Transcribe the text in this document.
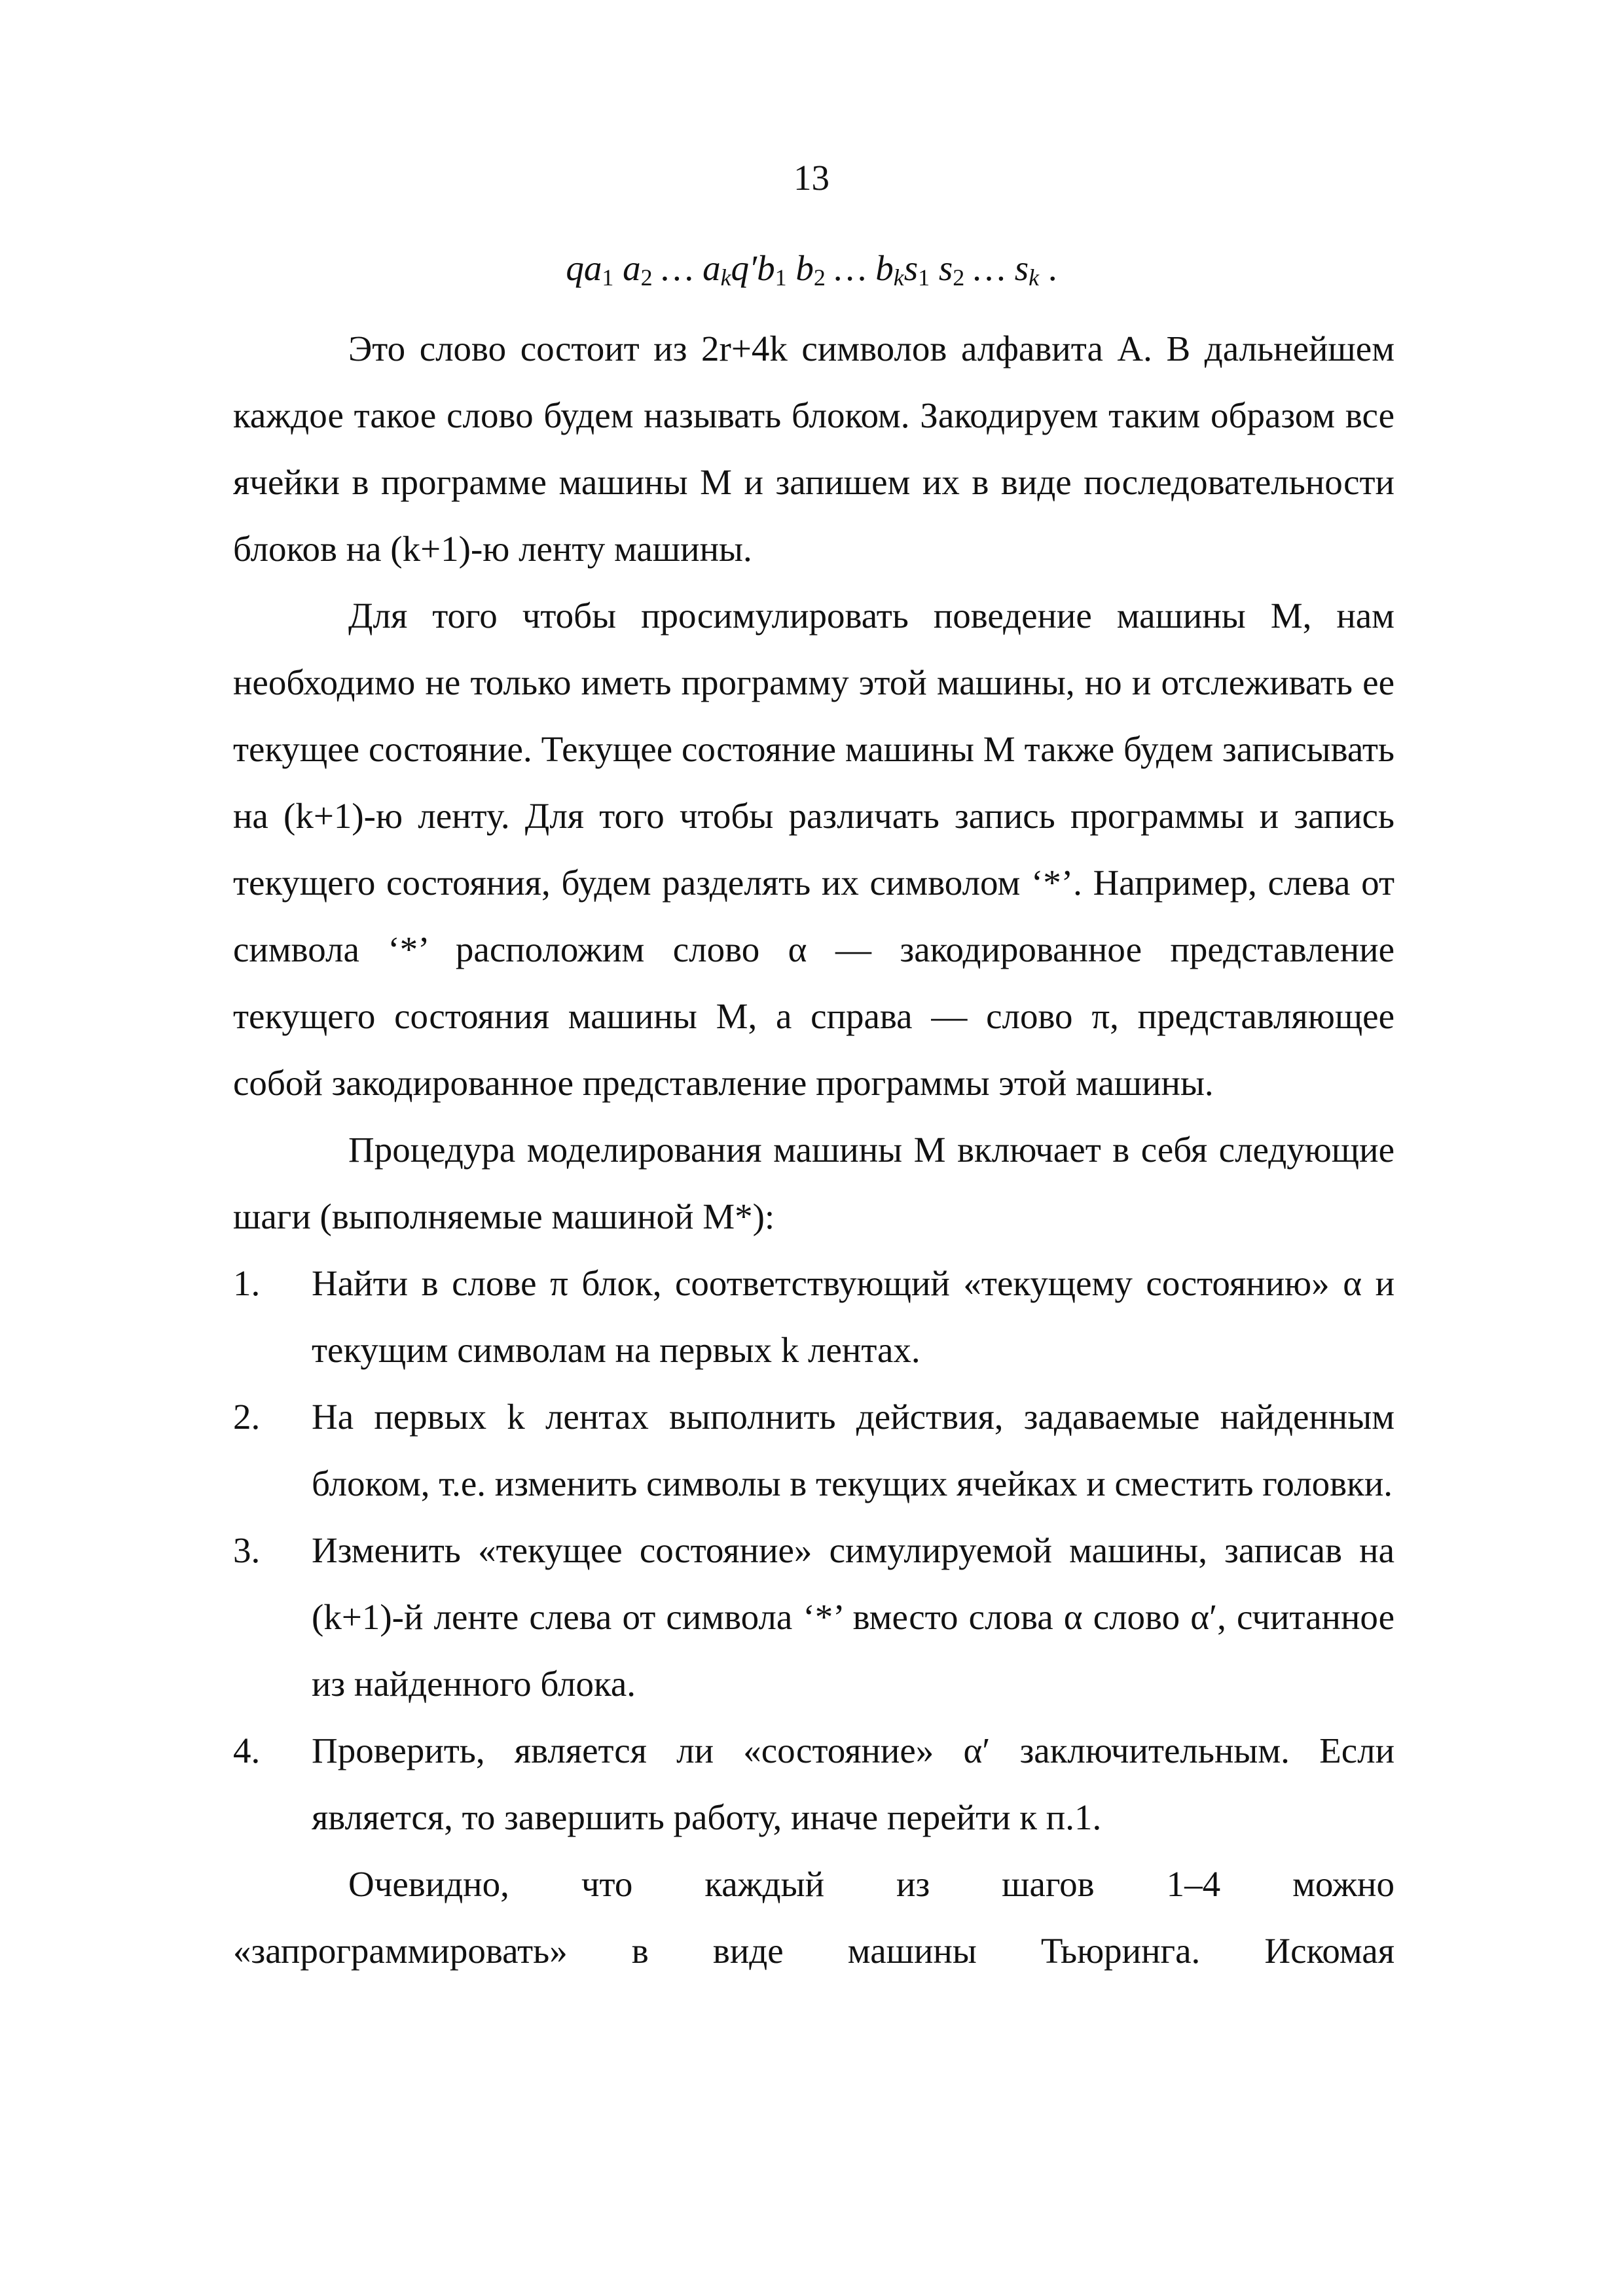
13
$qa_1$ $a_2$ … $a_kq'b_1$ $b_2$ … $b_ks_1$ $s_2$ … $s_k$ .

Это слово состоит из 2r+4k символов алфавита A. В дальнейшем каждое такое слово будем называть блоком. Закодируем таким образом все ячейки в программе машины M и запишем их в виде последовательности блоков на (k+1)-ю ленту машины.

Для того чтобы просимулировать поведение машины M, нам необходимо не только иметь программу этой машины, но и отслеживать ее текущее состояние. Текущее состояние машины M также будем записывать на (k+1)-ю ленту. Для того чтобы различать запись программы и запись текущего состояния, будем разделять их символом ‘*’. Например, слева от символа ‘*’ расположим слово α — закодированное представление текущего состояния машины M, а справа — слово π, представляющее собой закодированное представление программы этой машины.

Процедура моделирования машины M включает в себя следующие шаги (выполняемые машиной M*):

1. Найти в слове π блок, соответствующий «текущему состоянию» α и текущим символам на первых k лентах.
2. На первых k лентах выполнить действия, задаваемые найденным блоком, т.е. изменить символы в текущих ячейках и сместить головки.
3. Изменить «текущее состояние» симулируемой машины, записав на (k+1)-й ленте слева от символа ‘*’ вместо слова α слово α′, считанное из найденного блока.
4. Проверить, является ли «состояние» α′ заключительным. Если является, то завершить работу, иначе перейти к п.1.

Очевидно, что каждый из шагов 1–4 можно

«запрограммировать» в виде машины Тьюринга. Искомая
